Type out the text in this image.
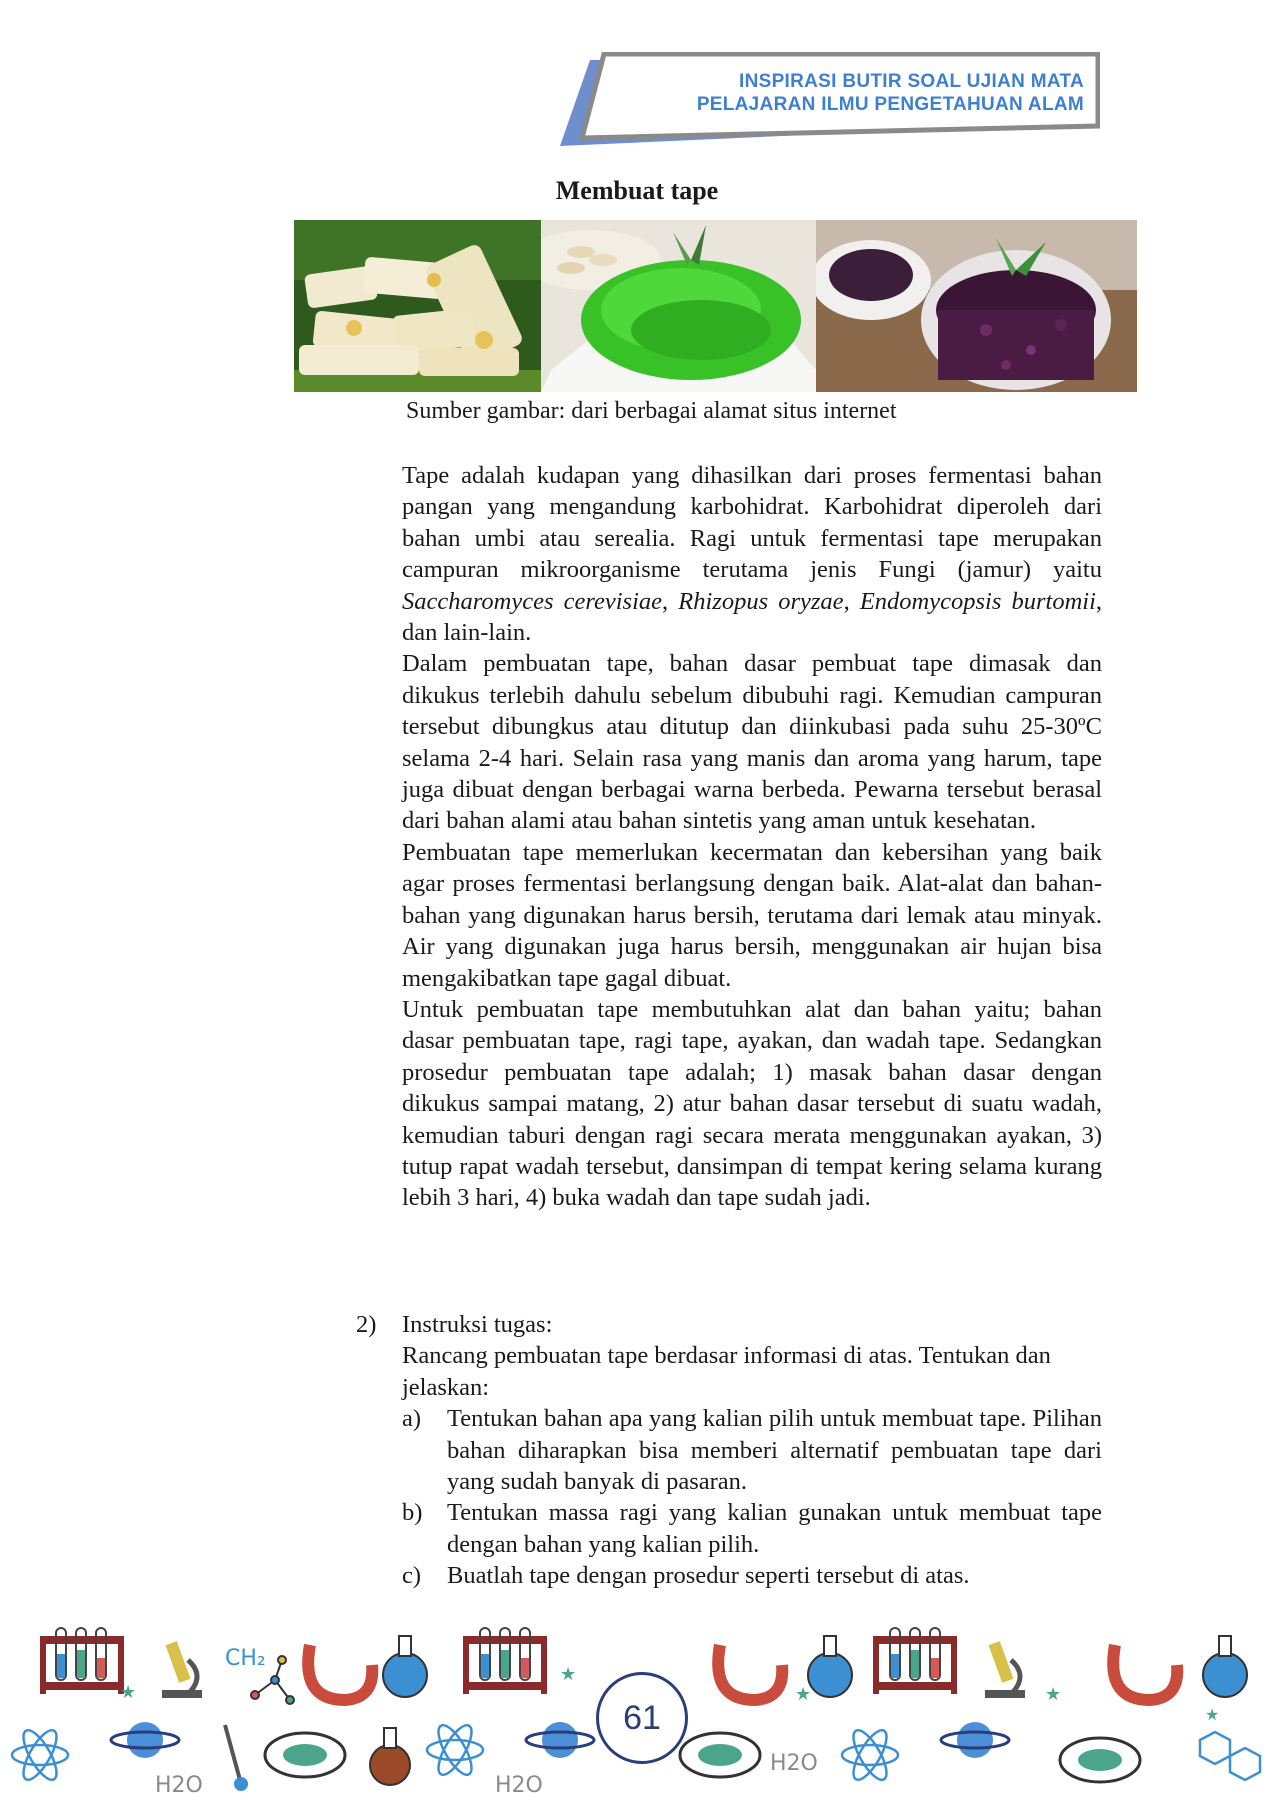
INSPIRASI BUTIR SOAL UJIAN MATA
PELAJARAN ILMU PENGETAHUAN ALAM
Membuat tape
Sumber gambar: dari berbagai alamat situs internet

Tape adalah kudapan yang dihasilkan dari proses fermentasi bahan pangan yang mengandung karbohidrat. Karbohidrat diperoleh dari bahan umbi atau serealia. Ragi untuk fermentasi tape merupakan campuran mikroorganisme terutama jenis Fungi (jamur) yaitu Saccharomyces cerevisiae, Rhizopus oryzae, Endomycopsis burtomii, dan lain-lain.

Dalam pembuatan tape, bahan dasar pembuat tape dimasak dan dikukus terlebih dahulu sebelum dibubuhi ragi. Kemudian campuran tersebut dibungkus atau ditutup dan diinkubasi pada suhu 25-30ºC selama 2-4 hari. Selain rasa yang manis dan aroma yang harum, tape juga dibuat dengan berbagai warna berbeda. Pewarna tersebut berasal dari bahan alami atau bahan sintetis yang aman untuk kesehatan.

Pembuatan tape memerlukan kecermatan dan kebersihan yang baik agar proses fermentasi berlangsung dengan baik. Alat-alat dan bahan-bahan yang digunakan harus bersih, terutama dari lemak atau minyak. Air yang digunakan juga harus bersih, menggunakan air hujan bisa mengakibatkan tape gagal dibuat.

Untuk pembuatan tape membutuhkan alat dan bahan yaitu; bahan dasar pembuatan tape, ragi tape, ayakan, dan wadah tape. Sedangkan prosedur pembuatan tape adalah; 1) masak bahan dasar dengan dikukus sampai matang, 2) atur bahan dasar tersebut di suatu wadah, kemudian taburi dengan ragi secara merata menggunakan ayakan, 3) tutup rapat wadah tersebut, dansimpan di tempat kering selama kurang lebih 3 hari, 4) buka wadah dan tape sudah jadi.

2) Instruksi tugas:

Rancang pembuatan tape berdasar informasi di atas. Tentukan dan jelaskan:

a)	Tentukan bahan apa yang kalian pilih untuk membuat tape. Pilihan bahan diharapkan bisa memberi alternatif pembuatan tape dari yang sudah banyak di pasaran.
b)	Tentukan massa ragi yang kalian gunakan untuk membuat tape dengan bahan yang kalian pilih.
c)	Buatlah tape dengan prosedur seperti tersebut di atas.
CH₂
★
★
★	★
★
H2O	H2O
H2O
61
